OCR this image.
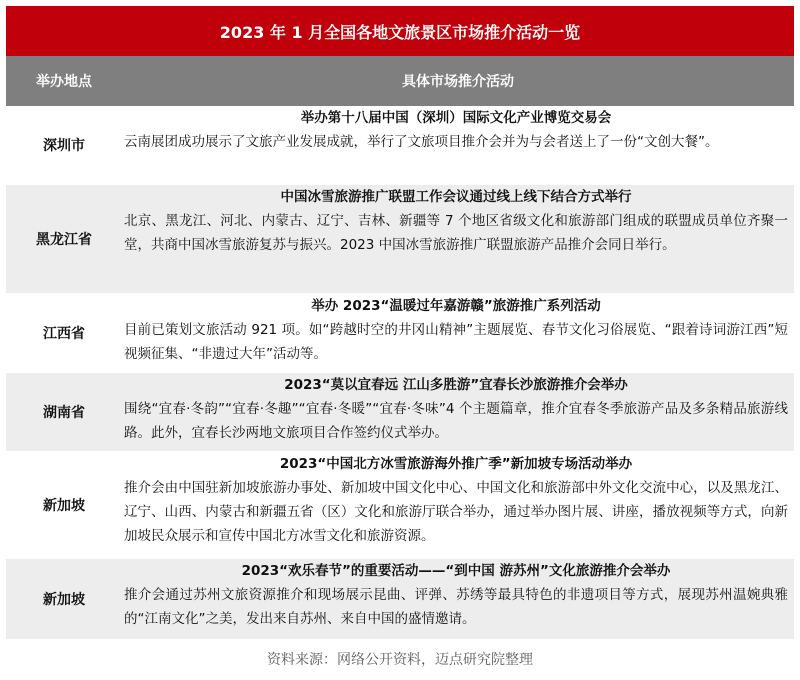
2023 年 1 月全国各地文旅景区市场推介活动一览
举办地点	具体市场推介活动
深圳市
举办第十八届中国（深圳）国际文化产业博览交易会
云南展团成功展示了文旅产业发展成就，举行了文旅项目推介会并为与会者送上了一份“文创大餐”。
黑龙江省
中国冰雪旅游推广联盟工作会议通过线上线下结合方式举行
北京、黑龙江、河北、内蒙古、辽宁、吉林、新疆等 7 个地区省级文化和旅游部门组成的联盟成员单位齐聚一堂，共商中国冰雪旅游复苏与振兴。2023 中国冰雪旅游推广联盟旅游产品推介会同日举行。
江西省
举办 2023“温暖过年嘉游赣”旅游推广系列活动
目前已策划文旅活动 921 项。如“跨越时空的井冈山精神”主题展览、春节文化习俗展览、“跟着诗词游江西”短视频征集、“非遗过大年”活动等。
湖南省
2023“莫以宜春远 江山多胜游”宜春长沙旅游推介会举办
围绕“宜春·冬韵”“宜春·冬趣”“宜春·冬暖”“宜春·冬味”4 个主题篇章，推介宜春冬季旅游产品及多条精品旅游线路。此外，宜春长沙两地文旅项目合作签约仪式举办。
新加坡
2023“中国北方冰雪旅游海外推广季”新加坡专场活动举办
推介会由中国驻新加坡旅游办事处、新加坡中国文化中心、中国文化和旅游部中外文化交流中心，以及黑龙江、辽宁、山西、内蒙古和新疆五省（区）文化和旅游厅联合举办，通过举办图片展、讲座，播放视频等方式，向新加坡民众展示和宣传中国北方冰雪文化和旅游资源。
新加坡
2023“欢乐春节”的重要活动——“到中国 游苏州”文化旅游推介会举办
推介会通过苏州文旅资源推介和现场展示昆曲、评弹、苏绣等最具特色的非遗项目等方式，展现苏州温婉典雅的“江南文化”之美，发出来自苏州、来自中国的盛情邀请。
资料来源：网络公开资料，迈点研究院整理
